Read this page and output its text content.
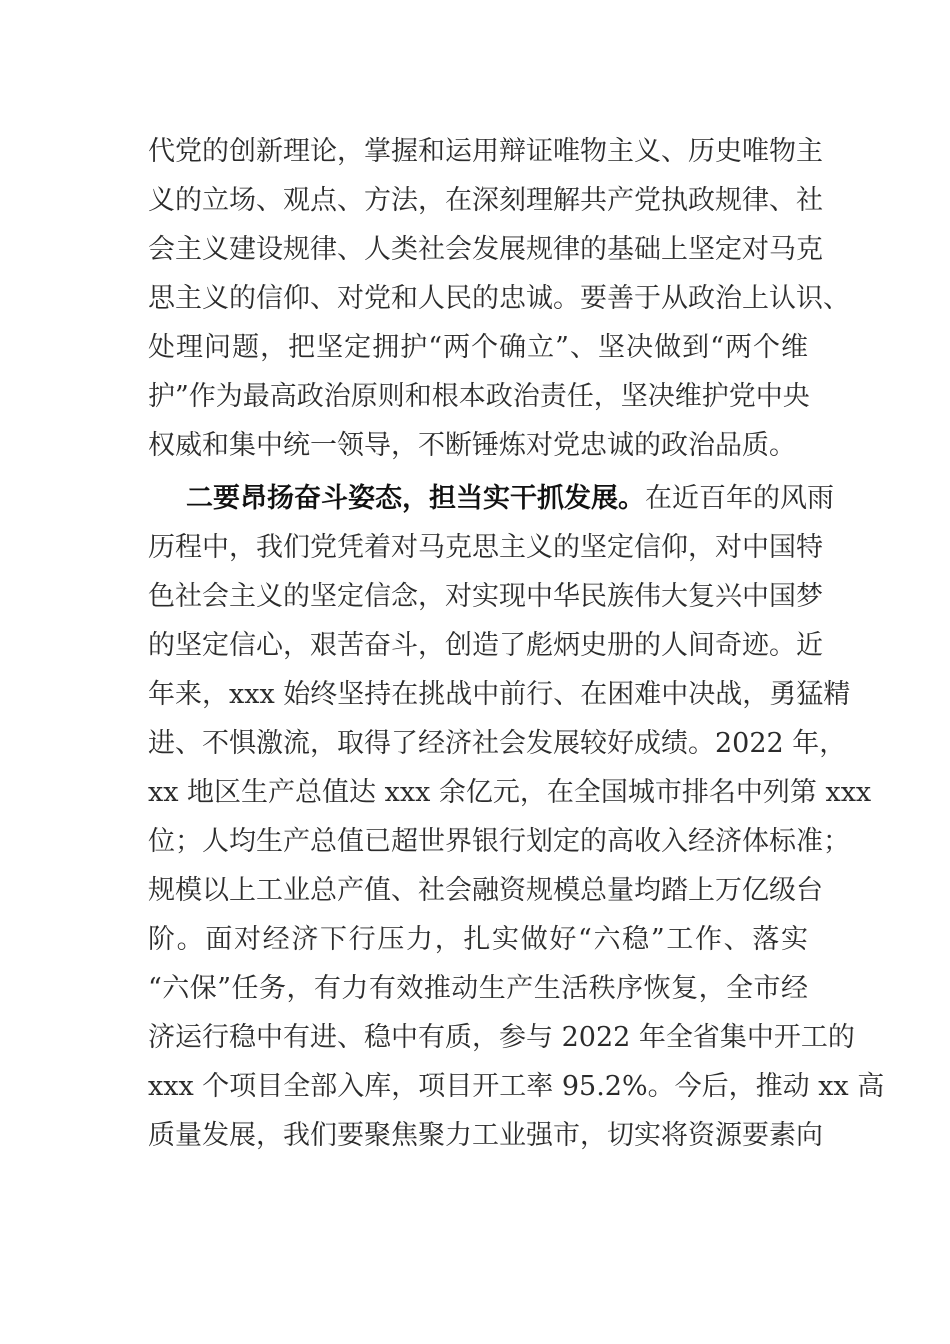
代党的创新理论，掌握和运用辩证唯物主义、历史唯物主
义的立场、观点、方法，在深刻理解共产党执政规律、社
会主义建设规律、人类社会发展规律的基础上坚定对马克
思主义的信仰、对党和人民的忠诚。要善于从政治上认识、
处理问题，把坚定拥护“两个确立”、坚决做到“两个维
护”作为最高政治原则和根本政治责任，坚决维护党中央
权威和集中统一领导，不断锤炼对党忠诚的政治品质。
二要昂扬奋斗姿态，担当实干抓发展。在近百年的风雨
历程中，我们党凭着对马克思主义的坚定信仰，对中国特
色社会主义的坚定信念，对实现中华民族伟大复兴中国梦
的坚定信心，艰苦奋斗，创造了彪炳史册的人间奇迹。近
年来，xxx 始终坚持在挑战中前行、在困难中决战，勇猛精
进、不惧激流，取得了经济社会发展较好成绩。2022 年，
xx 地区生产总值达 xxx 余亿元，在全国城市排名中列第 xxx
位；人均生产总值已超世界银行划定的高收入经济体标准；
规模以上工业总产值、社会融资规模总量均踏上万亿级台
阶。面对经济下行压力，扎实做好“六稳”工作、落实
“六保”任务，有力有效推动生产生活秩序恢复，全市经
济运行稳中有进、稳中有质，参与 2022 年全省集中开工的
xxx 个项目全部入库，项目开工率 95.2%。今后，推动 xx 高
质量发展，我们要聚焦聚力工业强市，切实将资源要素向
